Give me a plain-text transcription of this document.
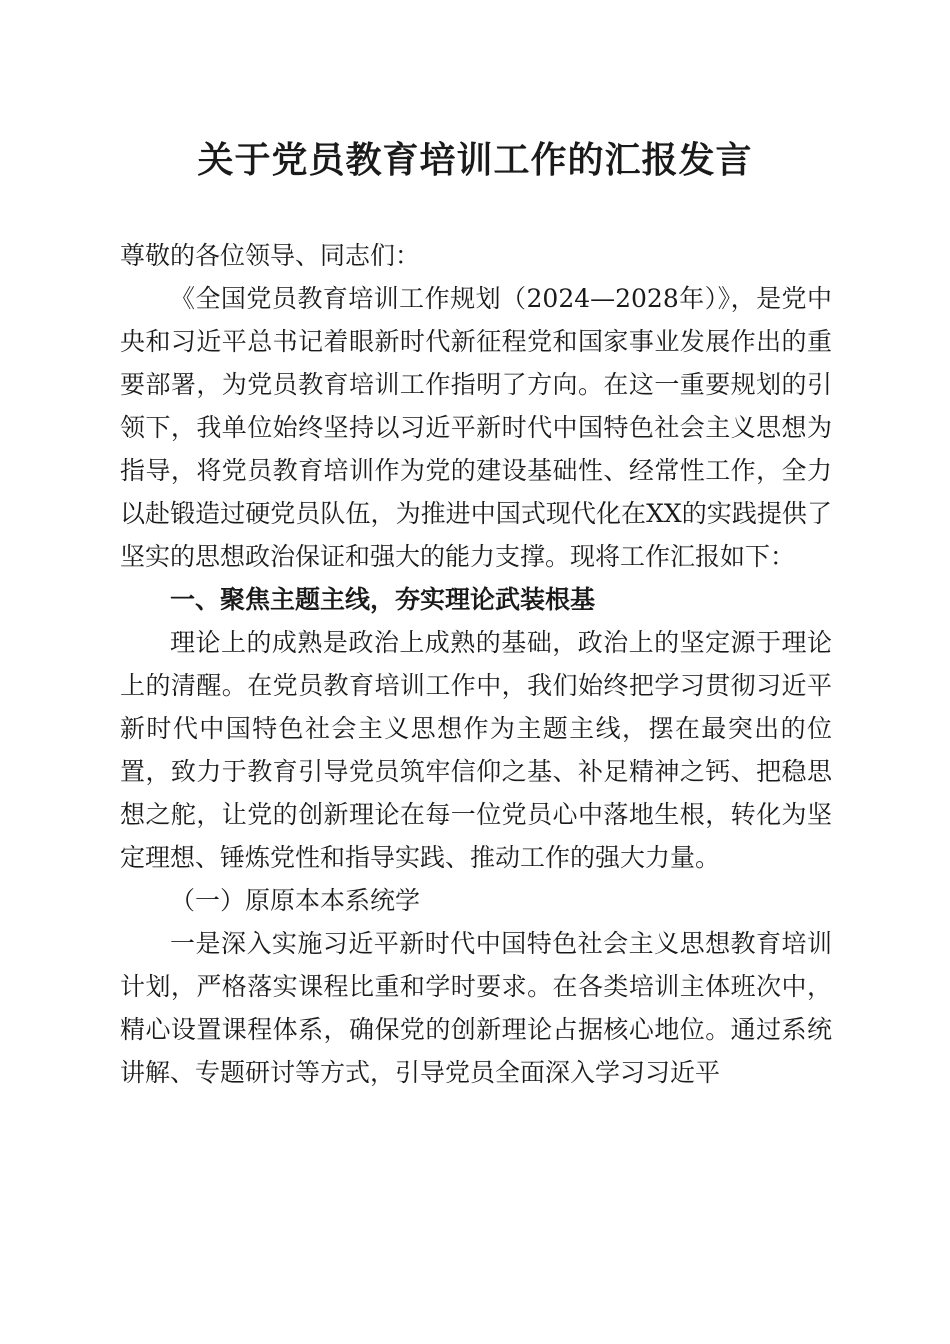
关于党员教育培训工作的汇报发言

尊敬的各位领导、同志们：

《全国党员教育培训工作规划（2024—2028年）》，是党中央和习近平总书记着眼新时代新征程党和国家事业发展作出的重要部署，为党员教育培训工作指明了方向。在这一重要规划的引领下，我单位始终坚持以习近平新时代中国特色社会主义思想为指导，将党员教育培训作为党的建设基础性、经常性工作，全力以赴锻造过硬党员队伍，为推进中国式现代化在XX的实践提供了坚实的思想政治保证和强大的能力支撑。现将工作汇报如下：

一、聚焦主题主线，夯实理论武装根基

理论上的成熟是政治上成熟的基础，政治上的坚定源于理论上的清醒。在党员教育培训工作中，我们始终把学习贯彻习近平新时代中国特色社会主义思想作为主题主线，摆在最突出的位置，致力于教育引导党员筑牢信仰之基、补足精神之钙、把稳思想之舵，让党的创新理论在每一位党员心中落地生根，转化为坚定理想、锤炼党性和指导实践、推动工作的强大力量。

（一）原原本本系统学

一是深入实施习近平新时代中国特色社会主义思想教育培训计划，严格落实课程比重和学时要求。在各类培训主体班次中，精心设置课程体系，确保党的创新理论占据核心地位。通过系统讲解、专题研讨等方式，引导党员全面深入学习习近平
